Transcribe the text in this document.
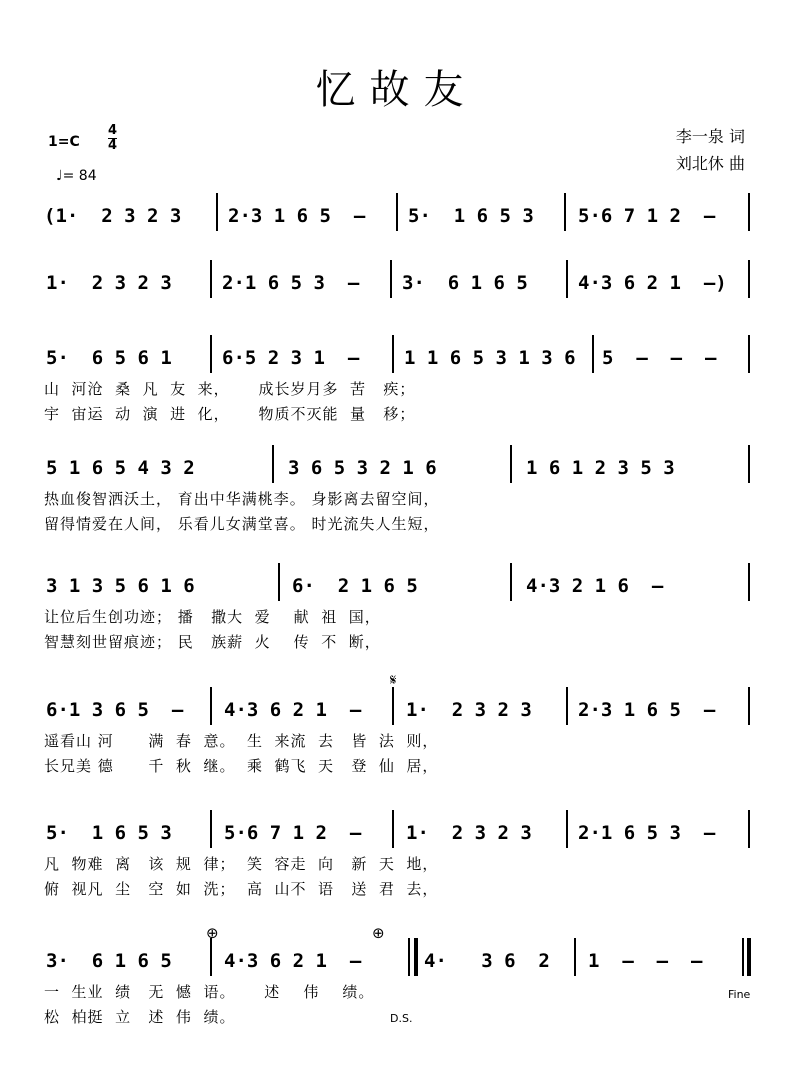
忆故友
1=C
4
4
♩= 84
李一泉 词
刘北休 曲
(1·  2 3 2 3 2·3 1 6 5  – 5·  1 6 5 3 5·6 7 1 2  –
1·  2 3 2 3	2·1 6 5 3  – 3·  6 1 6 5	4·3 6 2 1  –)
5·  6 5 6 1	6·5 2 3 1  – 1 1 6 5 3 1 3 6 5  –  –  –
山  河沧  桑  凡  友  来，     成长岁月多  苦   疾；
宇  宙运  动  演  进  化，     物质不灭能  量   移；
5 1 6 5 4 3 2	3 6 5 3 2 1 6	1 6 1 2 3 5 3
热血俊智洒沃土， 育出中华满桃李。 身影离去留空间，
留得情爱在人间， 乐看儿女满堂喜。 时光流失人生短，
3 1 3 5 6 1 6	6·  2 1 6 5	4·3 2 1 6  –
让位后生创功迹； 播   撒大  爱    献  祖  国，
智慧刻世留痕迹； 民   族薪  火    传  不  断，
𝄋
6·1 3 6 5  – 4·3 6 2 1  – 1·  2 3 2 3 2·3 1 6 5  –
遥看山 河      满  春  意。  生  来流  去   皆  法  则，
长兄美 德      千  秋  继。  乘  鹤飞  天   登  仙  居，
5·  1 6 5 3	5·6 7 1 2  – 1·  2 3 2 3 2·1 6 5 3  –
凡  物难  离   该  规  律；  笑  容走  向   新  天  地，
俯  视凡  尘   空  如  洗；  高  山不  语   送  君  去，
⊕	⊕
3·  6 1 6 5	4·3 6 2 1  –	4·   3 6  2 1  –  –  –
一  生业  绩   无  憾  语。     述    伟    绩。
松  柏挺  立   述  伟  绩。
Fine
D.S.
